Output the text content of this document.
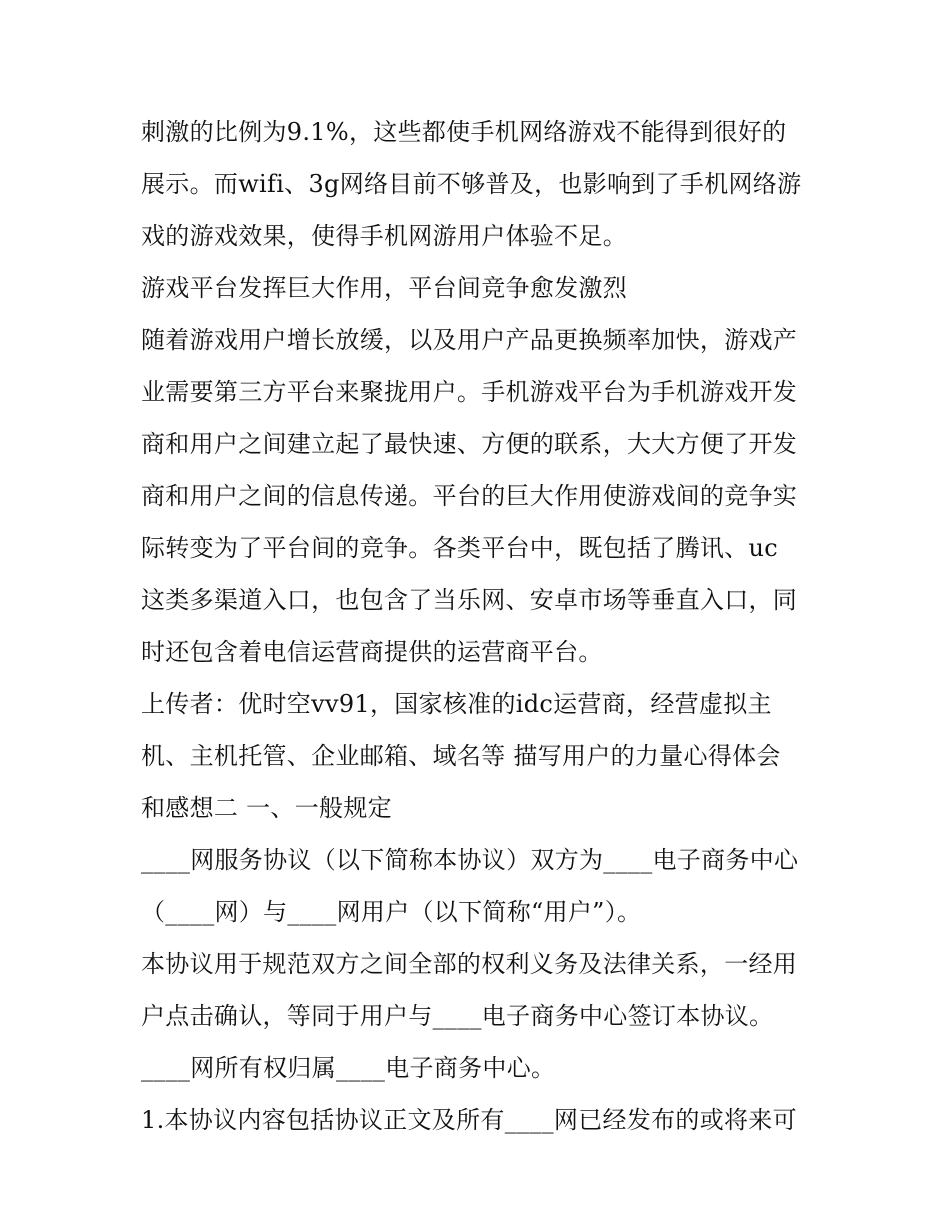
刺激的比例为9.1%，这些都使手机网络游戏不能得到很好的
展示。而wifi、3g网络目前不够普及，也影响到了手机网络游
戏的游戏效果，使得手机网游用户体验不足。
游戏平台发挥巨大作用，平台间竞争愈发激烈
随着游戏用户增长放缓，以及用户产品更换频率加快，游戏产
业需要第三方平台来聚拢用户。手机游戏平台为手机游戏开发
商和用户之间建立起了最快速、方便的联系，大大方便了开发
商和用户之间的信息传递。平台的巨大作用使游戏间的竞争实
际转变为了平台间的竞争。各类平台中，既包括了腾讯、uc
这类多渠道入口，也包含了当乐网、安卓市场等垂直入口，同
时还包含着电信运营商提供的运营商平台。
上传者：优时空vv91，国家核准的idc运营商，经营虚拟主
机、主机托管、企业邮箱、域名等 描写用户的力量心得体会
和感想二 一、一般规定
____网服务协议（以下简称本协议）双方为____电子商务中心
（____网）与____网用户（以下简称“用户”）。
本协议用于规范双方之间全部的权利义务及法律关系，一经用
户点击确认，等同于用户与____电子商务中心签订本协议。
____网所有权归属____电子商务中心。
1.本协议内容包括协议正文及所有____网已经发布的或将来可
